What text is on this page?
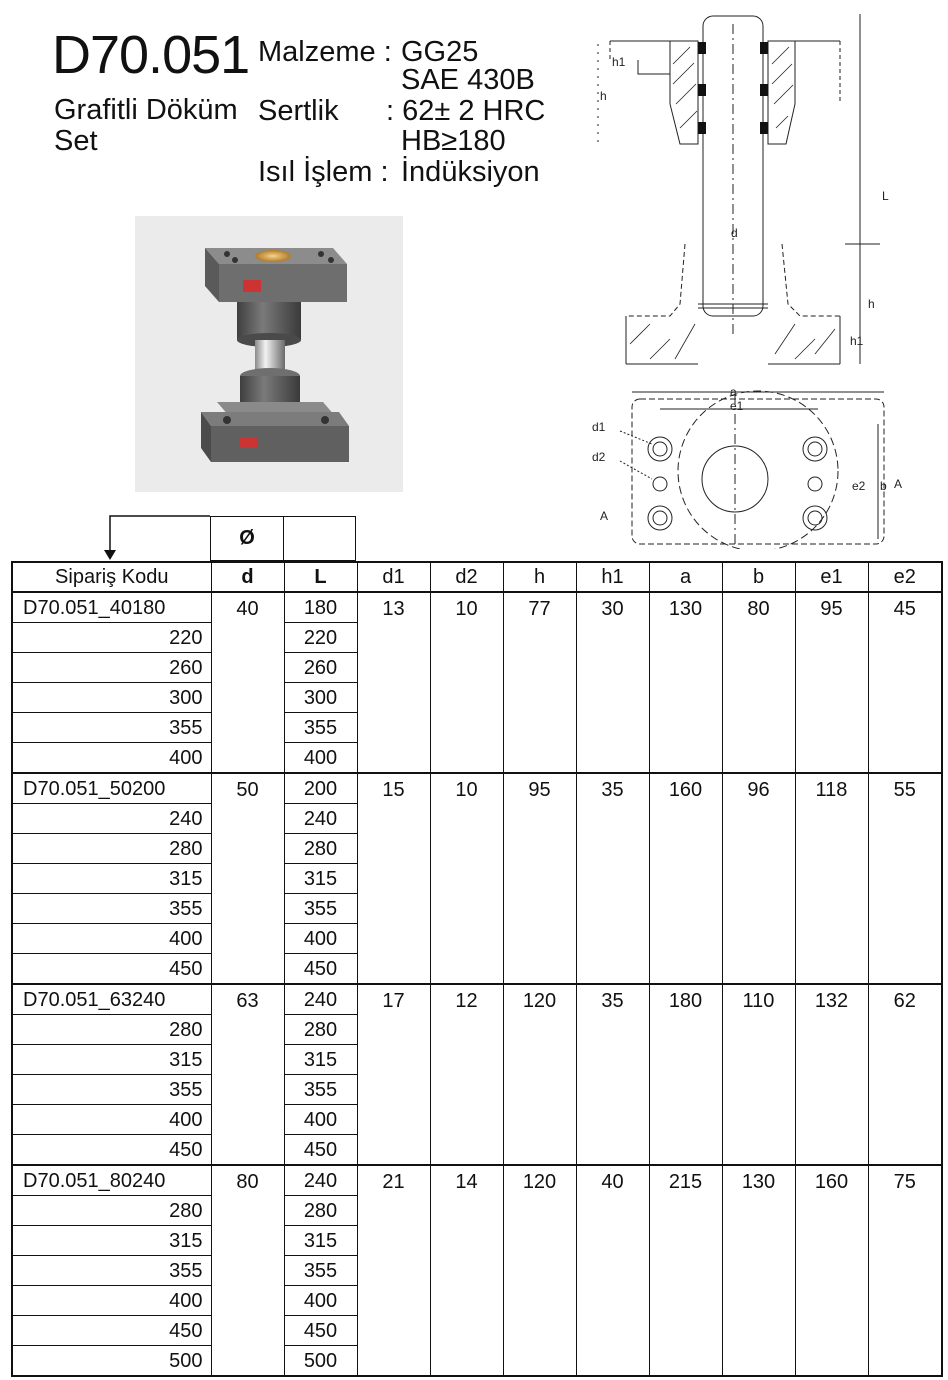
D70.051
Grafitli Döküm
Set
Malzeme : GG25
SAE 430B
Sertlik : 62± 2 HRC
HB≥180
Isıl İşlem : İndüksiyon
h1
h
L
d
h
h1
a
e1
d1
d2
e2 b A
A
Ø
Sipariş Kodu	d	L	d1	d2	h	h1	a	b	e1	e2
D70.051_40180	40	180	13	10	77	30	130	80	95	45
220		220								
260		260								
300		300								
355		355								
400		400								
D70.051_50200	50	200	15	10	95	35	160	96	118	55
240		240								
280		280								
315		315								
355		355								
400		400								
450		450								
D70.051_63240	63	240	17	12	120	35	180	110	132	62
280		280								
315		315								
355		355								
400		400								
450		450								
D70.051_80240	80	240	21	14	120	40	215	130	160	75
280		280								
315		315								
355		355								
400		400								
450		450								
500		500								
